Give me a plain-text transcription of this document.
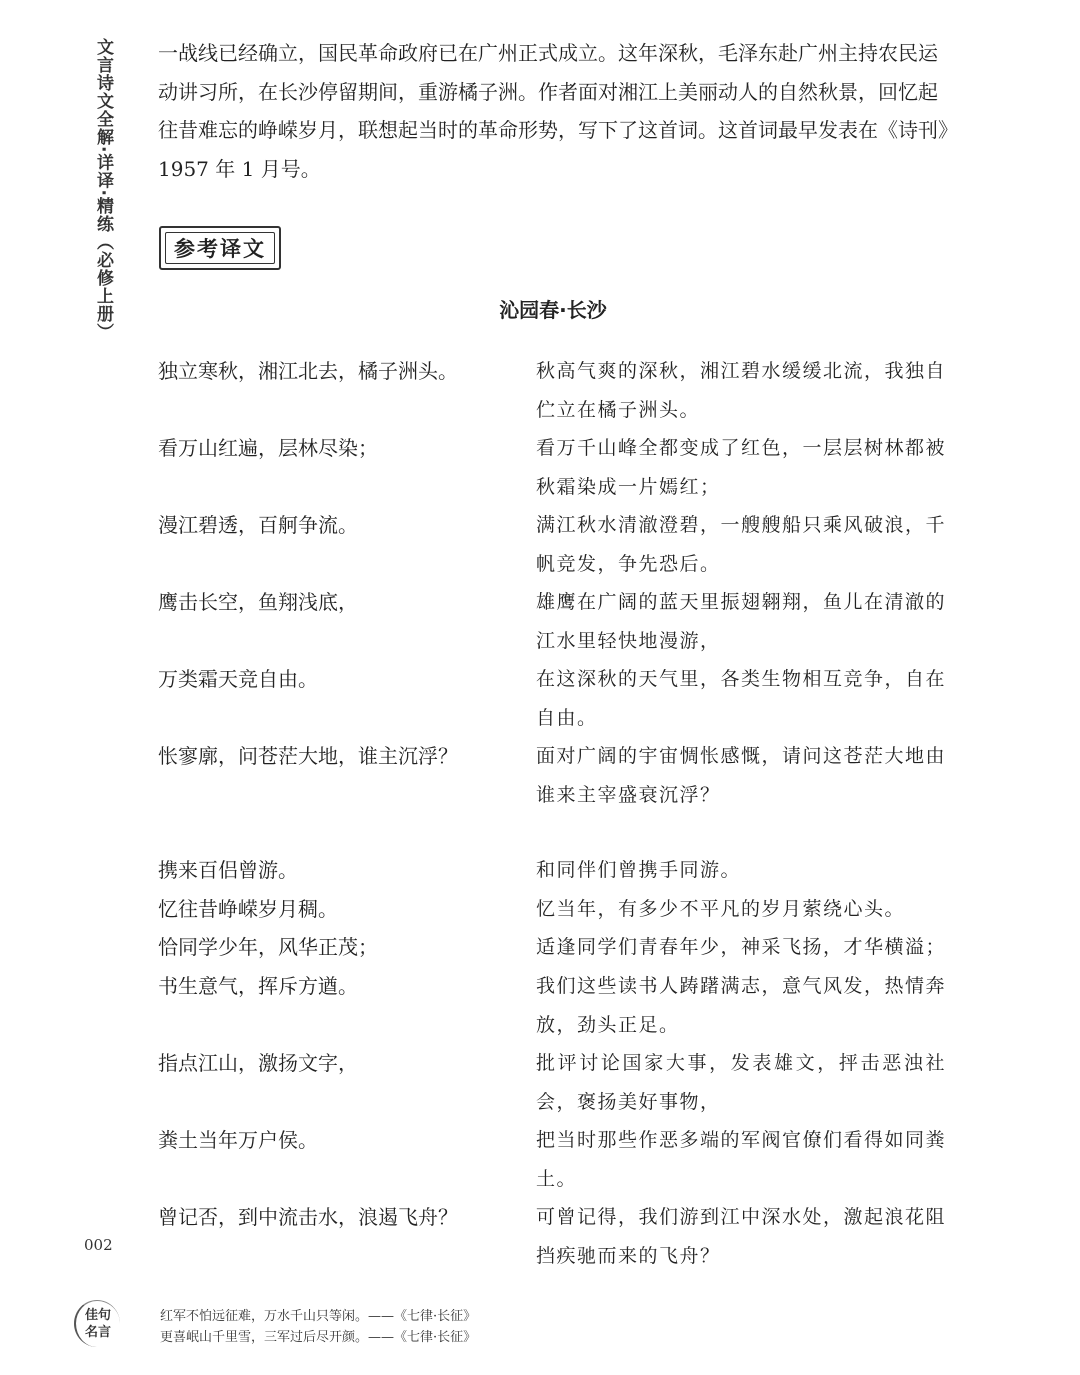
文言诗文全解·详译·精练（必修上册）
002

一战线已经确立，国民革命政府已在广州正式成立。这年深秋，毛泽东赴广州主持农民运动讲习所，在长沙停留期间，重游橘子洲。作者面对湘江上美丽动人的自然秋景，回忆起往昔难忘的峥嵘岁月，联想起当时的革命形势，写下了这首词。这首词最早发表在《诗刊》1957 年 1 月号。

参考译文
沁园春·长沙
独立寒秋，湘江北去，橘子洲头。	秋高气爽的深秋，湘江碧水缓缓北流，我独自伫立在橘子洲头。
看万山红遍，层林尽染；	看万千山峰全都变成了红色，一层层树林都被秋霜染成一片嫣红；
漫江碧透，百舸争流。	满江秋水清澈澄碧，一艘艘船只乘风破浪，千帆竞发，争先恐后。
鹰击长空，鱼翔浅底，	雄鹰在广阔的蓝天里振翅翱翔，鱼儿在清澈的江水里轻快地漫游，
万类霜天竞自由。	在这深秋的天气里，各类生物相互竞争，自在自由。
怅寥廓，问苍茫大地，谁主沉浮？	面对广阔的宇宙惆怅感慨，请问这苍茫大地由谁来主宰盛衰沉浮？
携来百侣曾游。	和同伴们曾携手同游。
忆往昔峥嵘岁月稠。	忆当年，有多少不平凡的岁月萦绕心头。
恰同学少年，风华正茂；	适逢同学们青春年少，神采飞扬，才华横溢；
书生意气，挥斥方遒。	我们这些读书人踌躇满志，意气风发，热情奔放，劲头正足。
指点江山，激扬文字，	批评讨论国家大事，发表雄文，抨击恶浊社会，褒扬美好事物，
粪土当年万户侯。	把当时那些作恶多端的军阀官僚们看得如同粪土。
曾记否，到中流击水，浪遏飞舟？	可曾记得，我们游到江中深水处，激起浪花阻挡疾驰而来的飞舟？
佳句
名言
红军不怕远征难，万水千山只等闲。——《七律·长征》
更喜岷山千里雪，三军过后尽开颜。——《七律·长征》
